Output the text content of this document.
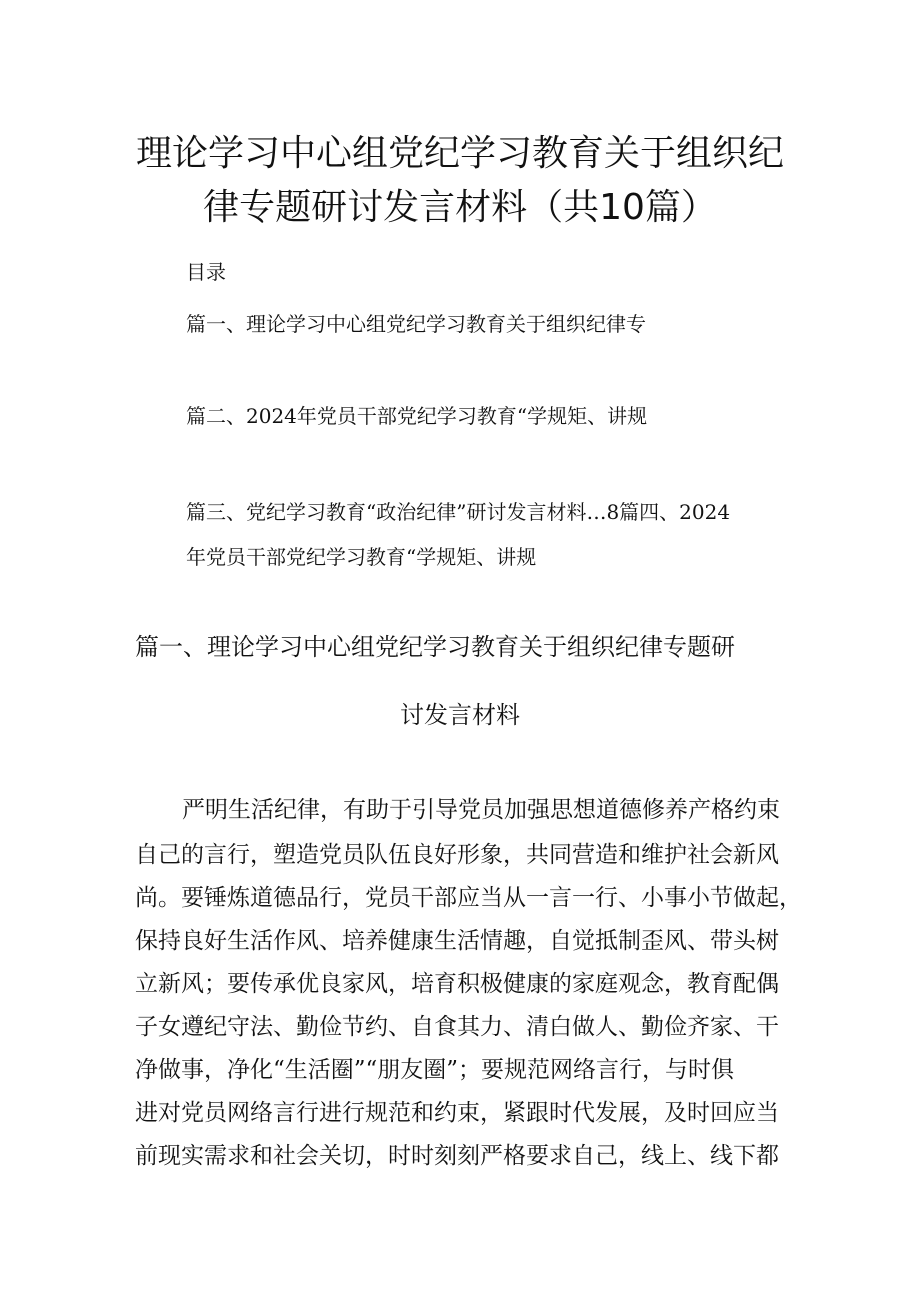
理论学习中心组党纪学习教育关于组织纪
律专题研讨发言材料（共10篇）
目录

篇一、理论学习中心组党纪学习教育关于组织纪律专

篇二、2024年党员干部党纪学习教育“学规矩、讲规

篇三、党纪学习教育“政治纪律”研讨发言材料…8篇四、2024

年党员干部党纪学习教育“学规矩、讲规

篇一、理论学习中心组党纪学习教育关于组织纪律专题研
讨发言材料

严明生活纪律，有助于引导党员加强思想道德修养产格约束

自己的言行，塑造党员队伍良好形象，共同营造和维护社会新风

尚。要锤炼道德品行，党员干部应当从一言一行、小事小节做起，

保持良好生活作风、培养健康生活情趣，自觉抵制歪风、带头树

立新风；要传承优良家风，培育积极健康的家庭观念，教育配偶

子女遵纪守法、勤俭节约、自食其力、清白做人、勤俭齐家、干

净做事，净化“生活圈”“朋友圈”；要规范网络言行，与时俱

进对党员网络言行进行规范和约束，紧跟时代发展，及时回应当

前现实需求和社会关切，时时刻刻严格要求自己，线上、线下都
